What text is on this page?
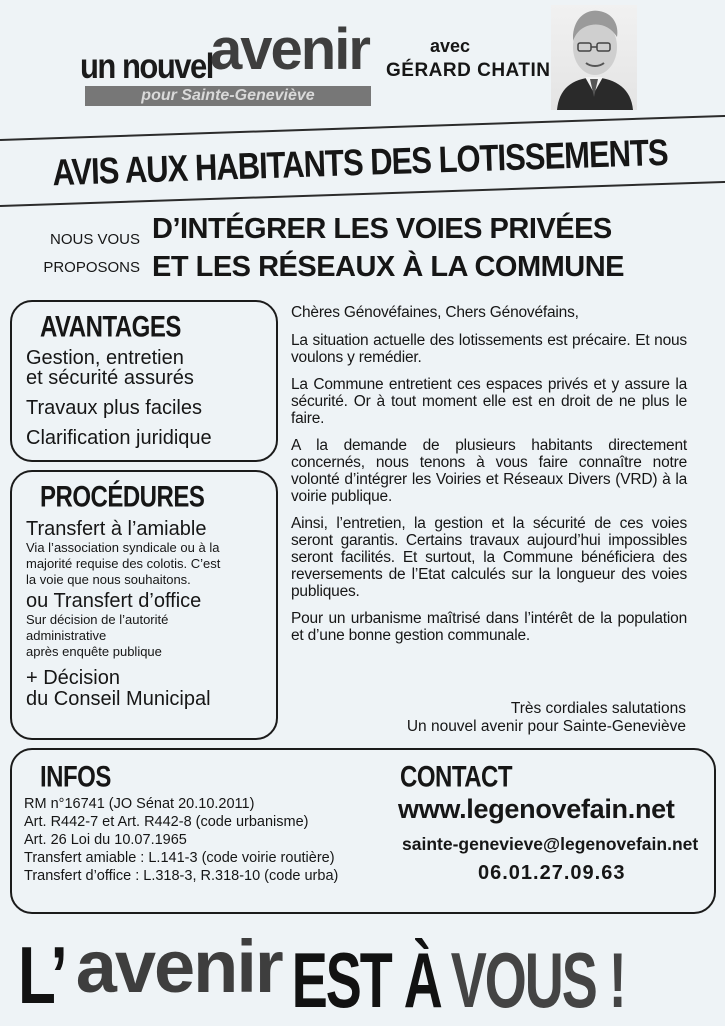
un nouvel
avenir
pour Sainte-Geneviève
avec
GÉRARD CHATIN
AVIS AUX HABITANTS DES LOTISSEMENTS
NOUS VOUS
PROPOSONS
D’INTÉGRER LES VOIES PRIVÉES
ET LES RÉSEAUX À LA COMMUNE
AVANTAGES
Gestion, entretien
et sécurité assurés
Travaux plus faciles
Clarification juridique
PROCÉDURES
Transfert à l’amiable
Via l’association syndicale ou à la
majorité requise des colotis. C’est
la voie que nous souhaitons.
ou Transfert d’office
Sur décision de l’autorité
administrative
après enquête publique
+ Décision
du Conseil Municipal

Chères Génovéfaines, Chers Génovéfains,

La situation actuelle des lotissements est précaire. Et nous voulons y remédier.

La Commune entretient ces espaces privés et y assure la sécurité. Or à tout moment elle est en droit de ne plus le faire.

A la demande de plusieurs habitants directement concernés, nous tenons à vous faire connaître notre volonté d’intégrer les Voiries et Réseaux Divers (VRD) à la voirie publique.

Ainsi, l’entretien, la gestion et la sécurité de ces voies seront garantis. Certains travaux aujourd’hui impossibles seront facilités. Et surtout, la Commune bénéficiera des reversements de l’Etat calculés sur la longueur des voies publiques.

Pour un urbanisme maîtrisé dans l’intérêt de la population et d’une bonne gestion communale.

Très cordiales salutations
Un nouvel avenir pour Sainte-Geneviève
INFOS
RM n°16741 (JO Sénat 20.10.2011)
Art. R442-7 et Art. R442-8 (code urbanisme)
Art. 26 Loi du 10.07.1965
Transfert amiable : L.141-3 (code voirie routière)
Transfert d’office : L.318-3, R.318-10 (code urba)
CONTACT
www.legenovefain.net
sainte-genevieve@legenovefain.net
06.01.27.09.63
L’ avenir EST À VOUS !
